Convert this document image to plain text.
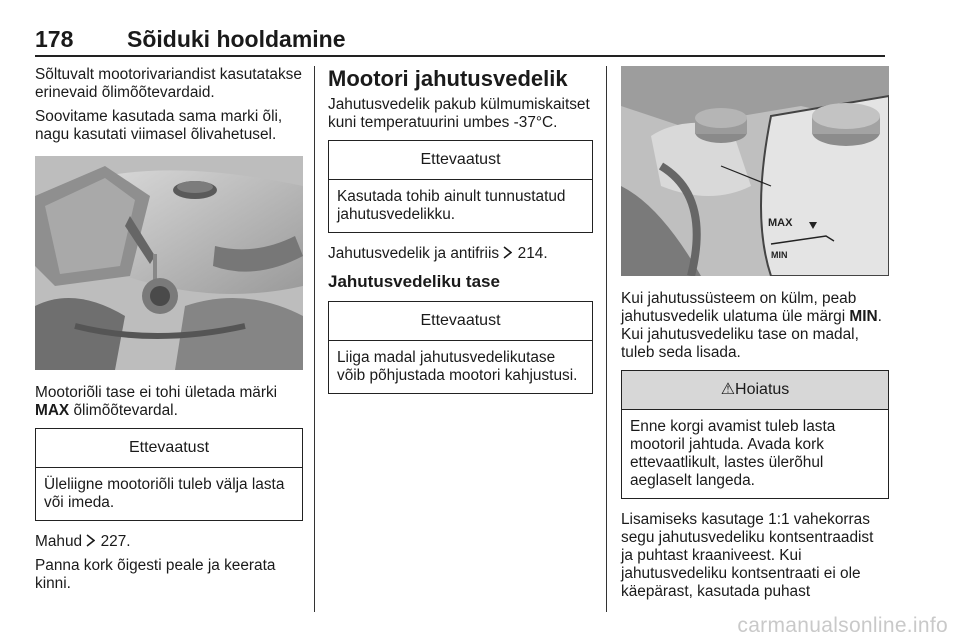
178 Sõiduki hooldamine

Sõltuvalt mootorivariandist kasutatakse erinevaid õlimõõtevardaid.

Soovitame kasutada sama marki õli, nagu kasutati viimasel õlivahetusel.

Mootoriõli tase ei tohi ületada märki MAX õlimõõtevardal.

Ettevaatust
Üleliigne mootoriõli tuleb välja lasta või imeda.

Mahud  227.

Panna kork õigesti peale ja keerata kinni.

Mootori jahutusvedelik

Jahutusvedelik pakub külmumiskaitset kuni temperatuurini umbes -37°C.

Ettevaatust
Kasutada tohib ainult tunnustatud jahutusvedelikku.

Jahutusvedelik ja antifriis  214.

Jahutusvedeliku tase
Ettevaatust
Liiga madal jahutusvedelikutase võib põhjustada mootori kahjustusi.
MAX
MIN

Kui jahutussüsteem on külm, peab jahutusvedelik ulatuma üle märgi MIN. Kui jahutusvedeliku tase on madal, tuleb seda lisada.

⚠Hoiatus
Enne korgi avamist tuleb lasta mootoril jahtuda. Avada kork ettevaatlikult, lastes ülerõhul aeglaselt langeda.

Lisamiseks kasutage 1:1 vahekorras segu jahutusvedeliku kontsentraadist ja puhtast kraaniveest. Kui jahutusvedeliku kontsentraati ei ole käepärast, kasutada puhast

carmanualsonline.info
